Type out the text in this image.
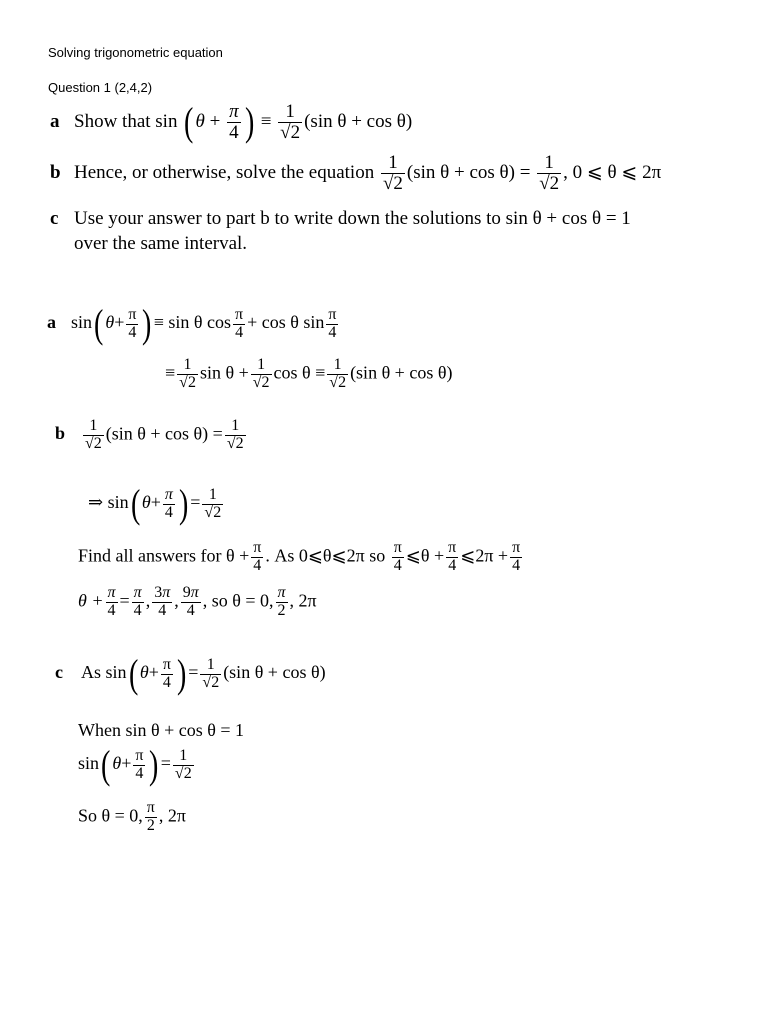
Solving trigonometric equation
Question 1 (2,4,2)
a Show that sin ( $\theta + \frac{\pi}{4}$ ) ≡ $\frac{1}{√2} (\sin$ θ + cos θ)
b Hence, or otherwise, solve the equation $\frac{1}{√2} (\sin$ $\theta + \cos \theta) = \frac{1}{√2}$ , 0 ⩽ θ ⩽ 2π
c Use your answer to part b to write down the solutions to sin θ + cos θ = 1
over the same interval.
a sin( $\theta+ \frac{\pi}{4}$ ) ≡ sin θ $\cos \frac{\pi}{4} + \cos \theta$ $\sin \frac{\pi}{4}$
≡ $\frac{1}{√2}$ $\sin \theta + \frac{1}{√2}$ $\cos \theta \equiv \frac{1}{√2} (\sin$ θ + cos θ)
b $\frac{1}{√2} (\sin$ $\theta + \cos \theta) = \frac{1}{√2}$
⇒ sin( $\theta+ \frac{\pi}{4}$ ) = $\frac{1}{√2}$
Find all answers for $\theta + \frac{\pi}{4}$ . As 0⩽θ⩽2π so $\frac{\pi}{4}$ ⩽θ + $\frac{\pi}{4}$ ⩽2π + $\frac{\pi}{4}$
$\theta + \frac{\pi}{4} = \frac{\pi}{4}$ , $\frac{3\pi}{4}$ , $\frac{9\pi}{4}$ , so θ = 0, $\frac{\pi}{2}$ , 2π
c As sin( $\theta+ \frac{\pi}{4}$ ) = $\frac{1}{√2} (\sin$ θ + cos θ)
When sin θ + cos θ = 1
sin( $\theta+ \frac{\pi}{4}$ ) = $\frac{1}{√2}$
So θ = 0, $\frac{\pi}{2}$ , 2π
